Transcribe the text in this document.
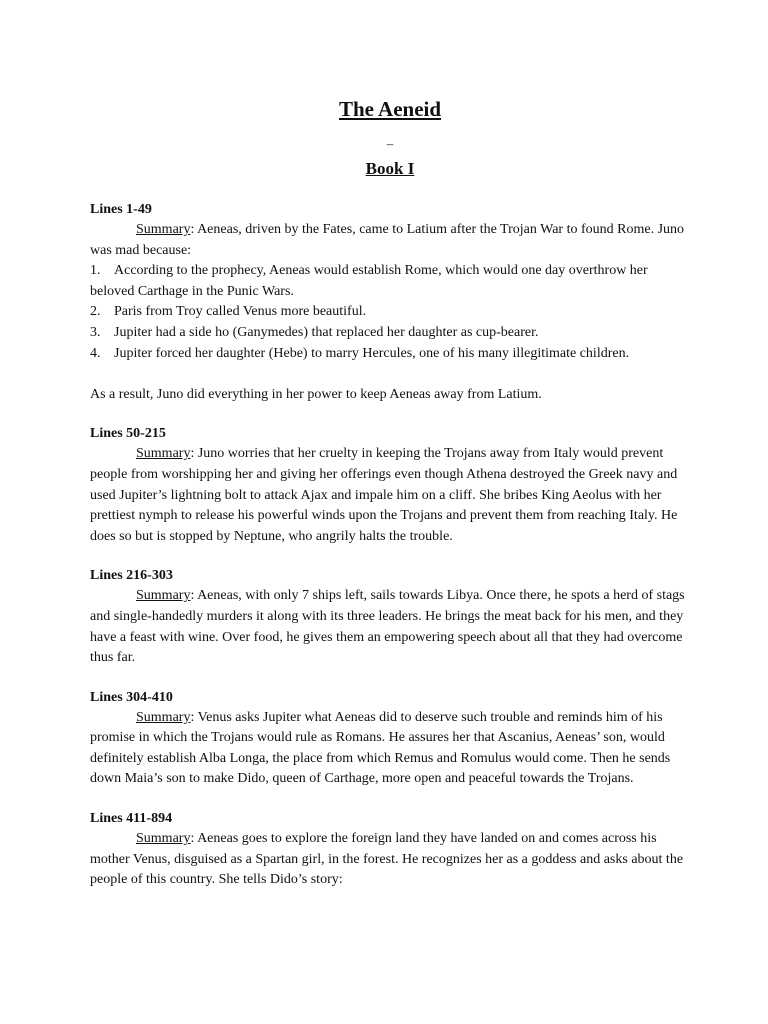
The Aeneid
–
Book I

Lines 1-49

Summary: Aeneas, driven by the Fates, came to Latium after the Trojan War to found Rome. Juno was mad because:

1. According to the prophecy, Aeneas would establish Rome, which would one day overthrow her beloved Carthage in the Punic Wars.
2. Paris from Troy called Venus more beautiful.
3. Jupiter had a side ho (Ganymedes) that replaced her daughter as cup-bearer.
4. Jupiter forced her daughter (Hebe) to marry Hercules, one of his many illegitimate children.

As a result, Juno did everything in her power to keep Aeneas away from Latium.

Lines 50-215

Summary: Juno worries that her cruelty in keeping the Trojans away from Italy would prevent people from worshipping her and giving her offerings even though Athena destroyed the Greek navy and used Jupiter’s lightning bolt to attack Ajax and impale him on a cliff. She bribes King Aeolus with her prettiest nymph to release his powerful winds upon the Trojans and prevent them from reaching Italy. He does so but is stopped by Neptune, who angrily halts the trouble.

Lines 216-303

Summary: Aeneas, with only 7 ships left, sails towards Libya. Once there, he spots a herd of stags and single-handedly murders it along with its three leaders. He brings the meat back for his men, and they have a feast with wine. Over food, he gives them an empowering speech about all that they had overcome thus far.

Lines 304-410

Summary: Venus asks Jupiter what Aeneas did to deserve such trouble and reminds him of his promise in which the Trojans would rule as Romans. He assures her that Ascanius, Aeneas’ son, would definitely establish Alba Longa, the place from which Remus and Romulus would come. Then he sends down Maia’s son to make Dido, queen of Carthage, more open and peaceful towards the Trojans.

Lines 411-894

Summary: Aeneas goes to explore the foreign land they have landed on and comes across his mother Venus, disguised as a Spartan girl, in the forest. He recognizes her as a goddess and asks about the people of this country. She tells Dido’s story:
